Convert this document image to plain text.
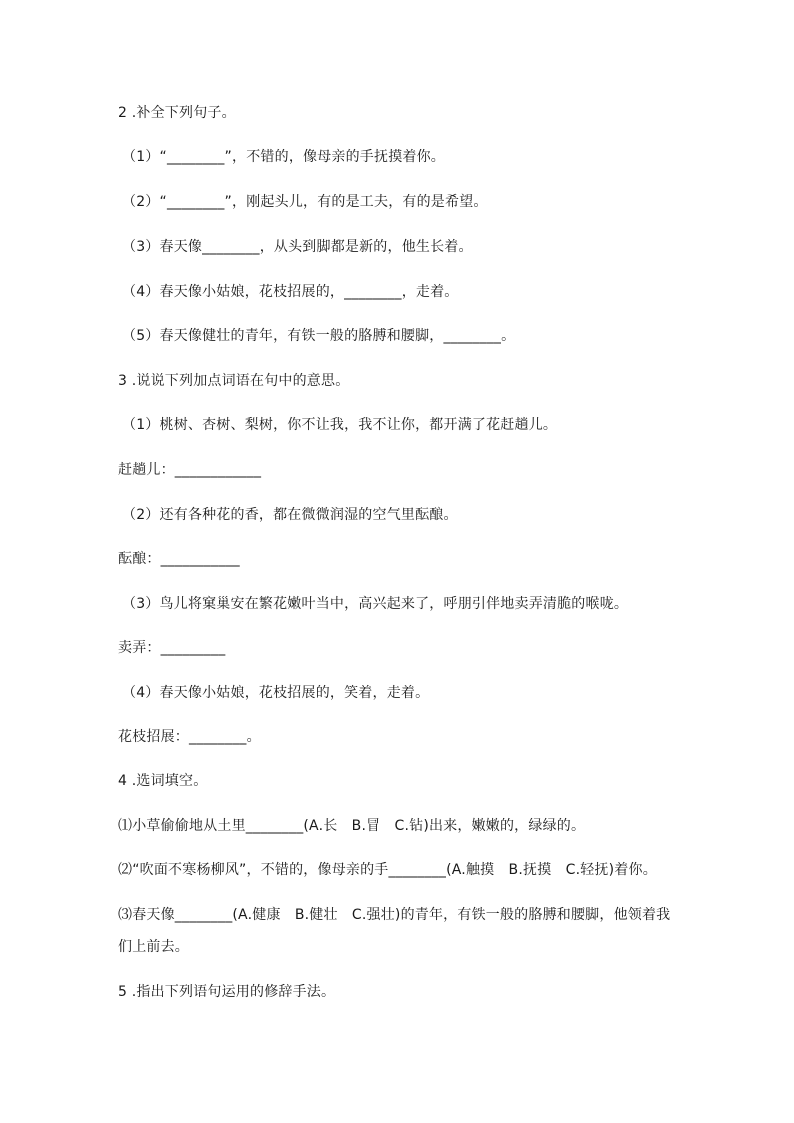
2 .补全下列句子。
（1）“________”，不错的，像母亲的手抚摸着你。
（2）“________”，刚起头儿，有的是工夫，有的是希望。
（3）春天像________，从头到脚都是新的，他生长着。
（4）春天像小姑娘，花枝招展的，________，走着。
（5）春天像健壮的青年，有铁一般的胳膊和腰脚，________。
3 .说说下列加点词语在句中的意思。
（1）桃树、杏树、梨树，你不让我，我不让你，都开满了花赶趟儿。
赶趟儿：____________
（2）还有各种花的香，都在微微润湿的空气里酝酿。
酝酿：___________
（3）鸟儿将窠巢安在繁花嫩叶当中，高兴起来了，呼朋引伴地卖弄清脆的喉咙。
卖弄：_________
（4）春天像小姑娘，花枝招展的，笑着，走着。
花枝招展：________。
4 .选词填空。
⑴小草偷偷地从土里________(A.长　B.冒　C.钻)出来，嫩嫩的，绿绿的。
⑵“吹面不寒杨柳风”，不错的，像母亲的手________(A.触摸　B.抚摸　C.轻抚)着你。
⑶春天像________(A.健康　B.健壮　C.强壮)的青年，有铁一般的胳膊和腰脚，他领着我们上前去。
5 .指出下列语句运用的修辞手法。
